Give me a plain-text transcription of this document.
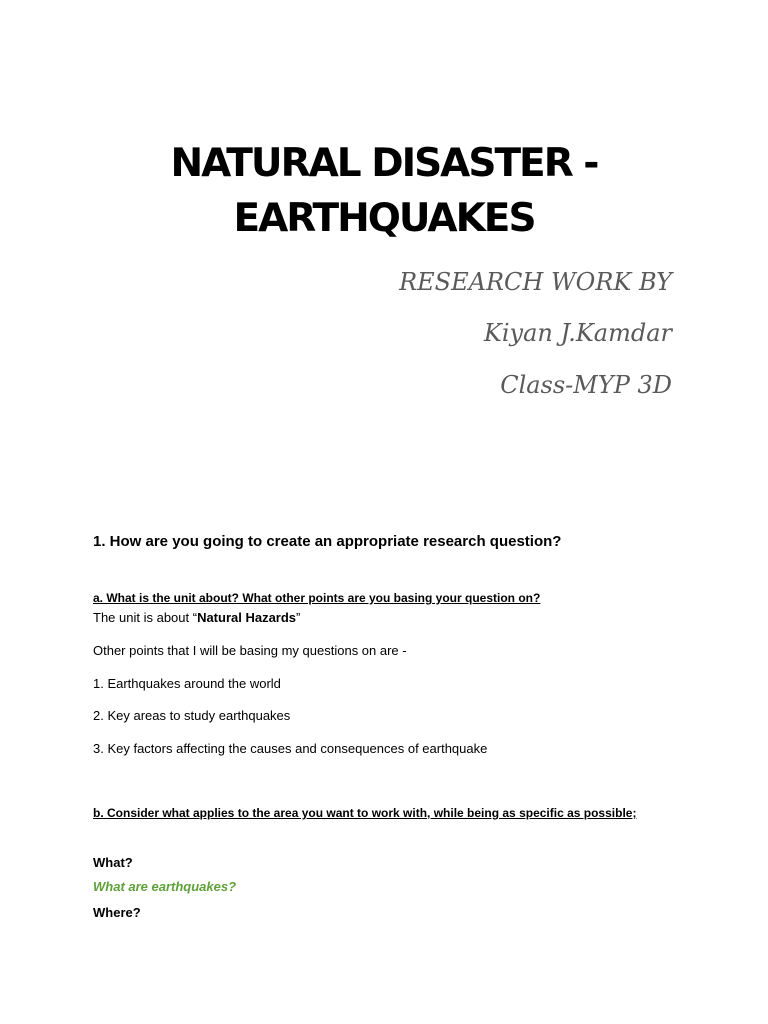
NATURAL DISASTER -
EARTHQUAKES
RESEARCH WORK BY
Kiyan J.Kamdar
Class-MYP 3D
1. How are you going to create an appropriate research question?
a. What is the unit about? What other points are you basing your question on?
The unit is about “Natural Hazards”
Other points that I will be basing my questions on are -
1. Earthquakes around the world
2. Key areas to study earthquakes
3. Key factors affecting the causes and consequences of earthquake
b. Consider what applies to the area you want to work with, while being as specific as possible;
What?
What are earthquakes?
Where?
